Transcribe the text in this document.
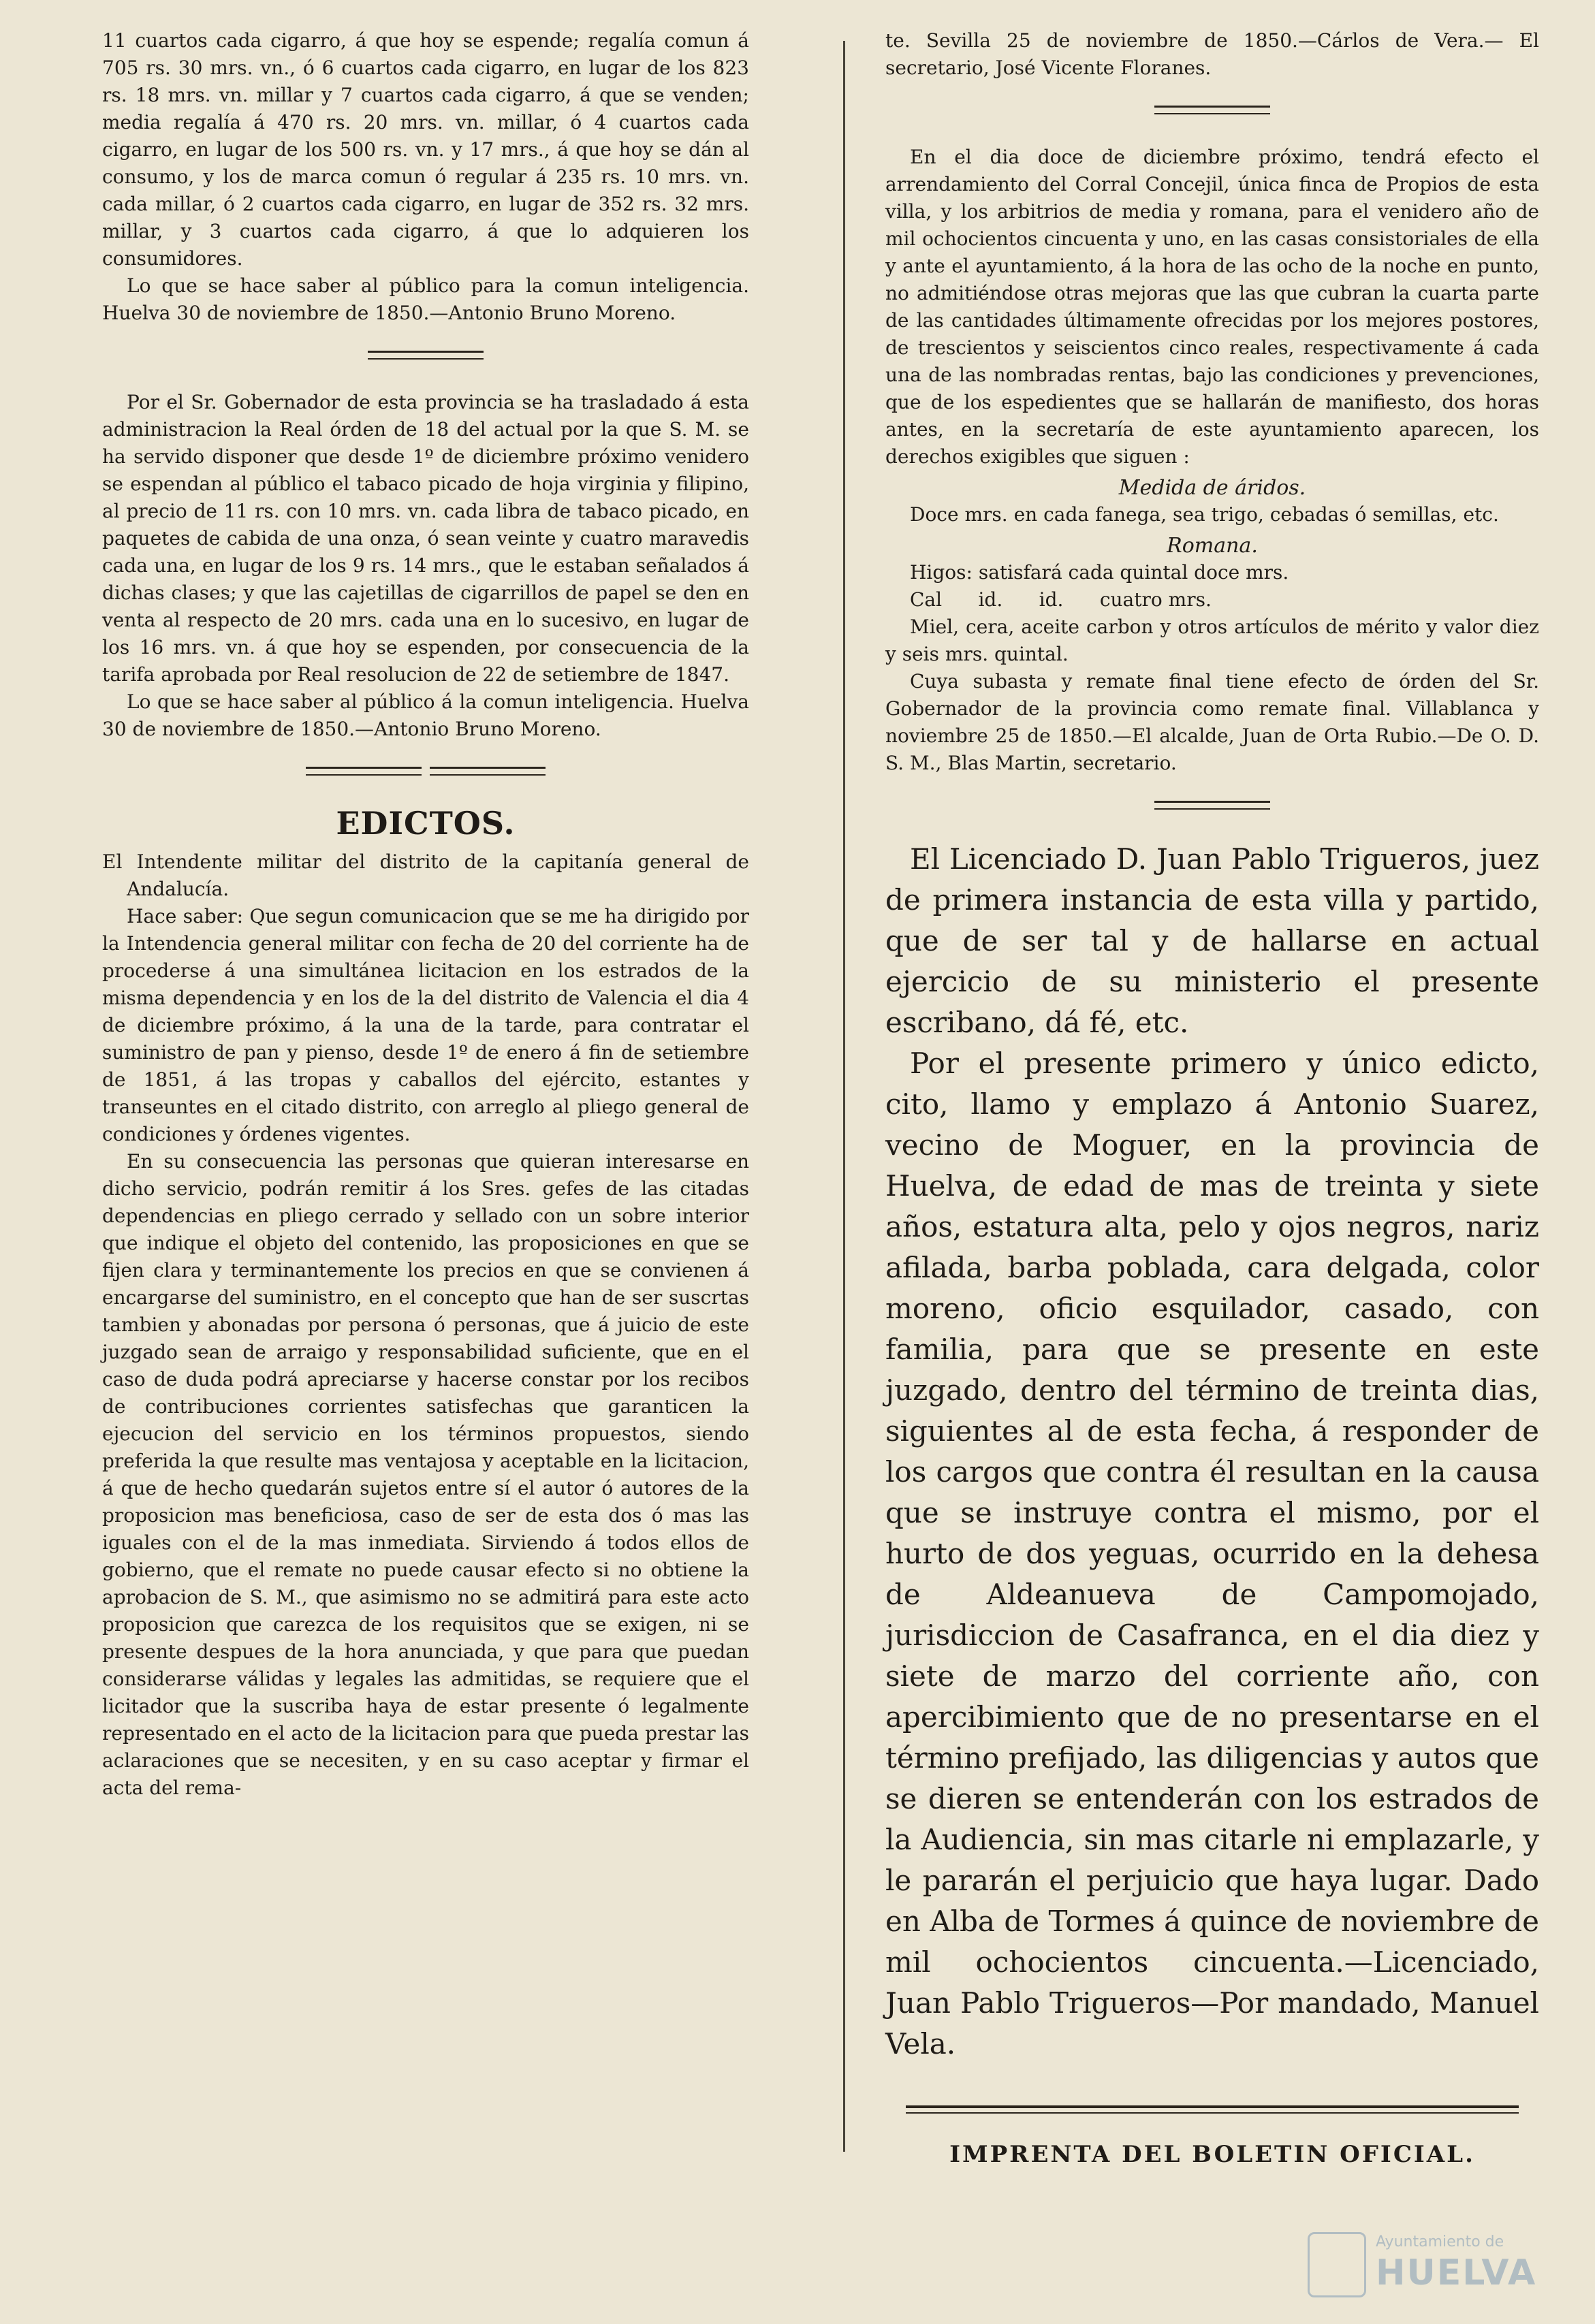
11 cuartos cada cigarro, á que hoy se espende; regalía comun á 705 rs. 30 mrs. vn., ó 6 cuartos cada cigarro, en lugar de los 823 rs. 18 mrs. vn. millar y 7 cuartos cada cigarro, á que se venden; media regalía á 470 rs. 20 mrs. vn. millar, ó 4 cuartos cada cigarro, en lugar de los 500 rs. vn. y 17 mrs., á que hoy se dán al consumo, y los de marca comun ó regular á 235 rs. 10 mrs. vn. cada millar, ó 2 cuartos cada cigarro, en lugar de 352 rs. 32 mrs. millar, y 3 cuartos cada cigarro, á que lo adquieren los consumidores.

Lo que se hace saber al público para la comun inteligencia. Huelva 30 de noviembre de 1850.—Antonio Bruno Moreno.

Por el Sr. Gobernador de esta provincia se ha trasladado á esta administracion la Real órden de 18 del actual por la que S. M. se ha servido disponer que desde 1º de diciembre próximo venidero se espendan al público el tabaco picado de hoja virginia y filipino, al precio de 11 rs. con 10 mrs. vn. cada libra de tabaco picado, en paquetes de cabida de una onza, ó sean veinte y cuatro maravedis cada una, en lugar de los 9 rs. 14 mrs., que le estaban señalados á dichas clases; y que las cajetillas de cigarrillos de papel se den en venta al respecto de 20 mrs. cada una en lo sucesivo, en lugar de los 16 mrs. vn. á que hoy se espenden, por consecuencia de la tarifa aprobada por Real resolucion de 22 de setiembre de 1847.

Lo que se hace saber al público á la comun inteligencia. Huelva 30 de noviembre de 1850.—Antonio Bruno Moreno.

EDICTOS.

El Intendente militar del distrito de la capitanía general de Andalucía.

Hace saber: Que segun comunicacion que se me ha dirigido por la Intendencia general militar con fecha de 20 del corriente ha de procederse á una simultánea licitacion en los estrados de la misma dependencia y en los de la del distrito de Valencia el dia 4 de diciembre próximo, á la una de la tarde, para contratar el suministro de pan y pienso, desde 1º de enero á fin de setiembre de 1851, á las tropas y caballos del ejército, estantes y transeuntes en el citado distrito, con arreglo al pliego general de condiciones y órdenes vigentes.

En su consecuencia las personas que quieran interesarse en dicho servicio, podrán remitir á los Sres. gefes de las citadas dependencias en pliego cerrado y sellado con un sobre interior que indique el objeto del contenido, las proposiciones en que se fijen clara y terminantemente los precios en que se convienen á encargarse del suministro, en el concepto que han de ser suscrtas tambien y abonadas por persona ó personas, que á juicio de este juzgado sean de arraigo y responsabilidad suficiente, que en el caso de duda podrá apreciarse y hacerse constar por los recibos de contribuciones corrientes satisfechas que garanticen la ejecucion del servicio en los términos propuestos, siendo preferida la que resulte mas ventajosa y aceptable en la licitacion, á que de hecho quedarán sujetos entre sí el autor ó autores de la proposicion mas beneficiosa, caso de ser de esta dos ó mas las iguales con el de la mas inmediata. Sirviendo á todos ellos de gobierno, que el remate no puede causar efecto si no obtiene la aprobacion de S. M., que asimismo no se admitirá para este acto proposicion que carezca de los requisitos que se exigen, ni se presente despues de la hora anunciada, y que para que puedan considerarse válidas y legales las admitidas, se requiere que el licitador que la suscriba haya de estar presente ó legalmente representado en el acto de la licitacion para que pueda prestar las aclaraciones que se necesiten, y en su caso aceptar y firmar el acta del rema-

te. Sevilla 25 de noviembre de 1850.—Cárlos de Vera.— El secretario, José Vicente Floranes.

En el dia doce de diciembre próximo, tendrá efecto el arrendamiento del Corral Concejil, única finca de Propios de esta villa, y los arbitrios de media y romana, para el venidero año de mil ochocientos cincuenta y uno, en las casas consistoriales de ella y ante el ayuntamiento, á la hora de las ocho de la noche en punto, no admitiéndose otras mejoras que las que cubran la cuarta parte de las cantidades últimamente ofrecidas por los mejores postores, de trescientos y seiscientos cinco reales, respectivamente á cada una de las nombradas rentas, bajo las condiciones y prevenciones, que de los espedientes que se hallarán de manifiesto, dos horas antes, en la secretaría de este ayuntamiento aparecen, los derechos exigibles que siguen :

Medida de áridos.

Doce mrs. en cada fanega, sea trigo, cebadas ó semillas, etc.

Romana.

Higos: satisfará cada quintal doce mrs.

Cal      id.      id.      cuatro mrs.

Miel, cera, aceite carbon y otros artículos de mérito y valor diez y seis mrs. quintal.

Cuya subasta y remate final tiene efecto de órden del Sr. Gobernador de la provincia como remate final. Villablanca y noviembre 25 de 1850.—El alcalde, Juan de Orta Rubio.—De O. D. S. M., Blas Martin, secretario.

El Licenciado D. Juan Pablo Trigueros, juez de primera instancia de esta villa y partido, que de ser tal y de hallarse en actual ejercicio de su ministerio el presente escribano, dá fé, etc.

Por el presente primero y único edicto, cito, llamo y emplazo á Antonio Suarez, vecino de Moguer, en la provincia de Huelva, de edad de mas de treinta y siete años, estatura alta, pelo y ojos negros, nariz afilada, barba poblada, cara delgada, color moreno, oficio esquilador, casado, con familia, para que se presente en este juzgado, dentro del término de treinta dias, siguientes al de esta fecha, á responder de los cargos que contra él resultan en la causa que se instruye contra el mismo, por el hurto de dos yeguas, ocurrido en la dehesa de Aldeanueva de Campomojado, jurisdiccion de Casafranca, en el dia diez y siete de marzo del corriente año, con apercibimiento que de no presentarse en el término prefijado, las diligencias y autos que se dieren se entenderán con los estrados de la Audiencia, sin mas citarle ni emplazarle, y le pararán el perjuicio que haya lugar. Dado en Alba de Tormes á quince de noviembre de mil ochocientos cincuenta.—Licenciado, Juan Pablo Trigueros—Por mandado, Manuel Vela.

IMPRENTA DEL BOLETIN OFICIAL.
Ayuntamiento de
HUELVA
